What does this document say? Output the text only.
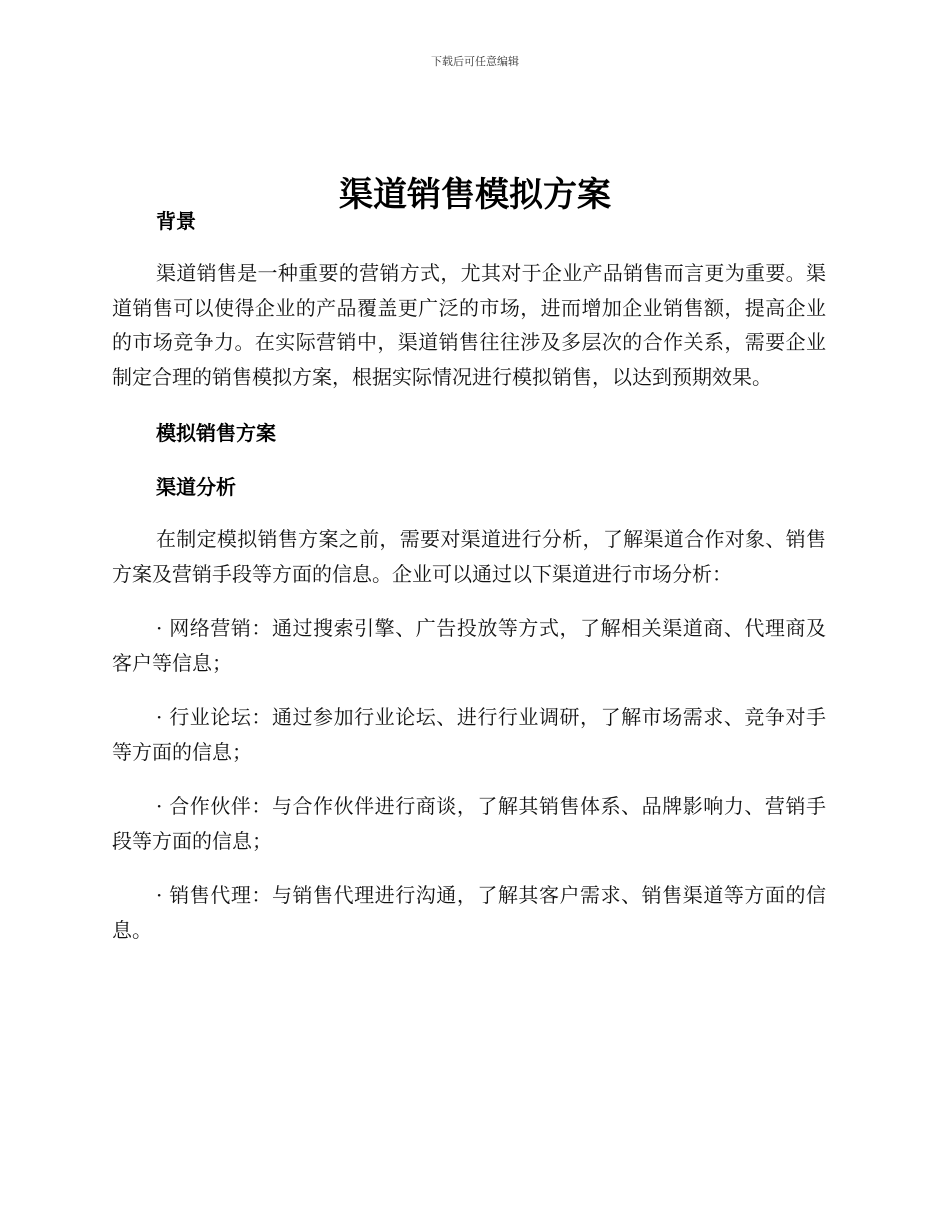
下载后可任意编辑
渠道销售模拟方案
背景

渠道销售是一种重要的营销方式，尤其对于企业产品销售而言更为重要。渠道销售可以使得企业的产品覆盖更广泛的市场，进而增加企业销售额，提高企业的市场竞争力。在实际营销中，渠道销售往往涉及多层次的合作关系，需要企业制定合理的销售模拟方案，根据实际情况进行模拟销售，以达到预期效果。

模拟销售方案
渠道分析

在制定模拟销售方案之前，需要对渠道进行分析，了解渠道合作对象、销售方案及营销手段等方面的信息。企业可以通过以下渠道进行市场分析：

· 网络营销：通过搜索引擎、广告投放等方式，了解相关渠道商、代理商及客户等信息；

· 行业论坛：通过参加行业论坛、进行行业调研，了解市场需求、竞争对手等方面的信息；

· 合作伙伴：与合作伙伴进行商谈，了解其销售体系、品牌影响力、营销手段等方面的信息；

· 销售代理：与销售代理进行沟通，了解其客户需求、销售渠道等方面的信息。
